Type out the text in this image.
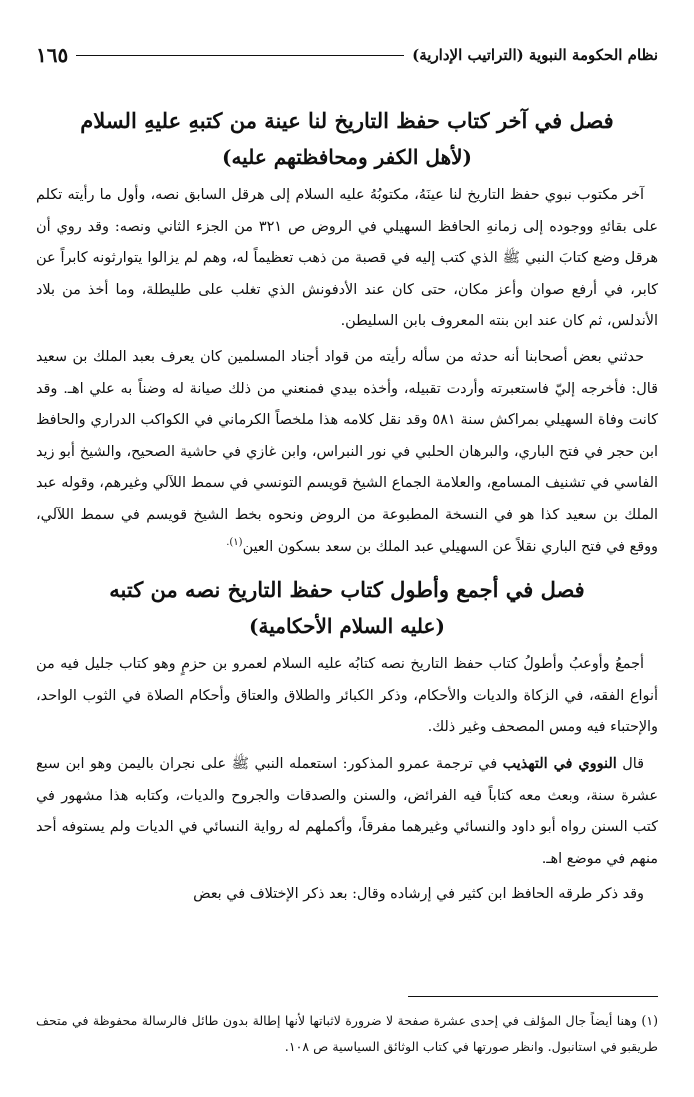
نظام الحكومة النبوية (التراتيب الإدارية)
١٦٥
فصل في آخر كتاب حفظ التاريخ لنا عينة من كتبهِ عليهِ السلام
(لأهل الكفر ومحافظتهم عليه)

آخر مكتوب نبوي حفظ التاريخ لنا عينَهُ، مكتوبُهُ عليه السلام إلى هرقل السابق نصه، وأول ما رأيته تكلم على بقائهِ ووجوده إلى زمانهِ الحافظ السهيلي في الروض ص ٣٢١ من الجزء الثاني ونصه: وقد روي أن هرقل وضع كتابَ النبي ﷺ الذي كتب إليه في قصبة من ذهب تعظيماً له، وهم لم يزالوا يتوارثونه كابراً عن كابر، في أرفع صوان وأعز مكان، حتى كان عند الأدفونش الذي تغلب على طليطلة، وما أخذ من بلاد الأندلس، ثم كان عند ابن بنته المعروف بابن السليطن.

حدثني بعض أصحابنا أنه حدثه من سأله رأيته من قواد أجناد المسلمين كان يعرف بعبد الملك بن سعيد قال: فأخرجه إليّ فاستعبرته وأردت تقبيله، وأخذه بيدي فمنعني من ذلك صيانة له وضناً به علي اهـ. وقد كانت وفاة السهيلي بمراكش سنة ٥٨١ وقد نقل كلامه هذا ملخصاً الكرماني في الكواكب الدراري والحافظ ابن حجر في فتح الباري، والبرهان الحلبي في نور النبراس، وابن غازي في حاشية الصحيح، والشيخ أبو زيد الفاسي في تشنيف المسامع، والعلامة الجماع الشيخ قويسم التونسي في سمط اللآلي وغيرهم، وقوله عبد الملك بن سعيد كذا هو في النسخة المطبوعة من الروض ونحوه بخط الشيخ قويسم في سمط اللآلي، ووقع في فتح الباري نقلاً عن السهيلي عبد الملك بن سعد بسكون العين$^{(١).}$

فصل في أجمع وأطول كتاب حفظ التاريخ نصه من كتبه
(عليه السلام الأحكامية)

أجمعُ وأوعبُ وأطولُ كتاب حفظ التاريخ نصه كتابُه عليه السلام لعمرو بن حزمٍ وهو كتاب جليل فيه من أنواع الفقه، في الزكاة والديات والأحكام، وذكر الكبائر والطلاق والعتاق وأحكام الصلاة في الثوب الواحد، والإحتباء فيه ومس المصحف وغير ذلك.

قال النووي في التهذيب في ترجمة عمرو المذكور: استعمله النبي ﷺ على نجران باليمن وهو ابن سبع عشرة سنة، وبعث معه كتاباً فيه الفرائض، والسنن والصدقات والجروح والديات، وكتابه هذا مشهور في كتب السنن رواه أبو داود والنسائي وغيرهما مفرقاً، وأكملهم له رواية النسائي في الديات ولم يستوفه أحد منهم في موضع اهـ.

وقد ذكر طرقه الحافظ ابن كثير في إرشاده وقال: بعد ذكر الإختلاف في بعض

(١) وهنا أيضاً جال المؤلف في إحدى عشرة صفحة لا ضرورة لاثباتها لأنها إطالة بدون طائل فالرسالة محفوظة في متحف طريقبو في استانبول. وانظر صورتها في كتاب الوثائق السياسية ص ١٠٨.
